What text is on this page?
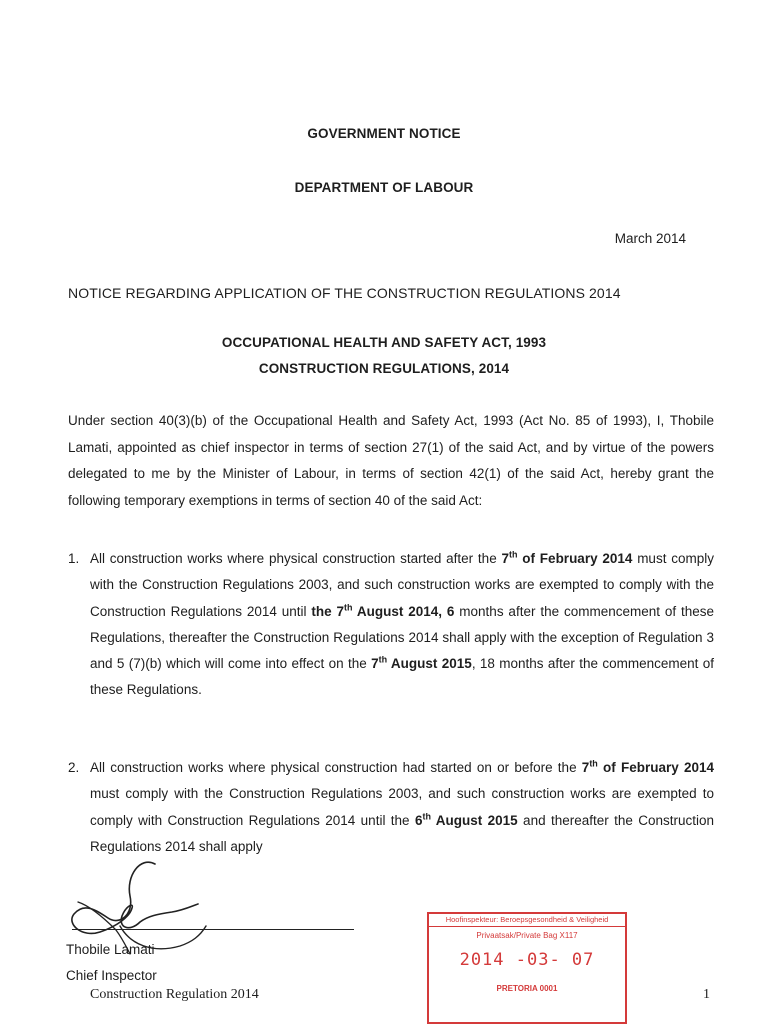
GOVERNMENT NOTICE
DEPARTMENT OF LABOUR
March 2014
NOTICE REGARDING APPLICATION OF THE CONSTRUCTION REGULATIONS 2014
OCCUPATIONAL HEALTH AND SAFETY ACT, 1993
CONSTRUCTION REGULATIONS, 2014
Under section 40(3)(b) of the Occupational Health and Safety Act, 1993 (Act No. 85 of 1993), I, Thobile Lamati, appointed as chief inspector in terms of section 27(1) of the said Act, and by virtue of the powers delegated to me by the Minister of Labour, in terms of section 42(1) of the said Act, hereby grant the following temporary exemptions in terms of section 40 of the said Act:
1. All construction works where physical construction started after the 7th of February 2014 must comply with the Construction Regulations 2003, and such construction works are exempted to comply with the Construction Regulations 2014 until the 7th August 2014, 6 months after the commencement of these Regulations, thereafter the Construction Regulations 2014 shall apply with the exception of Regulation 3 and 5 (7)(b) which will come into effect on the 7th August 2015, 18 months after the commencement of these Regulations.
2. All construction works where physical construction had started on or before the 7th of February 2014 must comply with the Construction Regulations 2003, and such construction works are exempted to comply with Construction Regulations 2014 until the 6th August 2015 and thereafter the Construction Regulations 2014 shall apply
Thobile Lamati
Chief Inspector
Construction Regulation 2014	1
Hoofinspekteur: Beroepsgesondheid & Veiligheid
Privaatsak/Private Bag X117
2014 -03- 07
PRETORIA 0001
